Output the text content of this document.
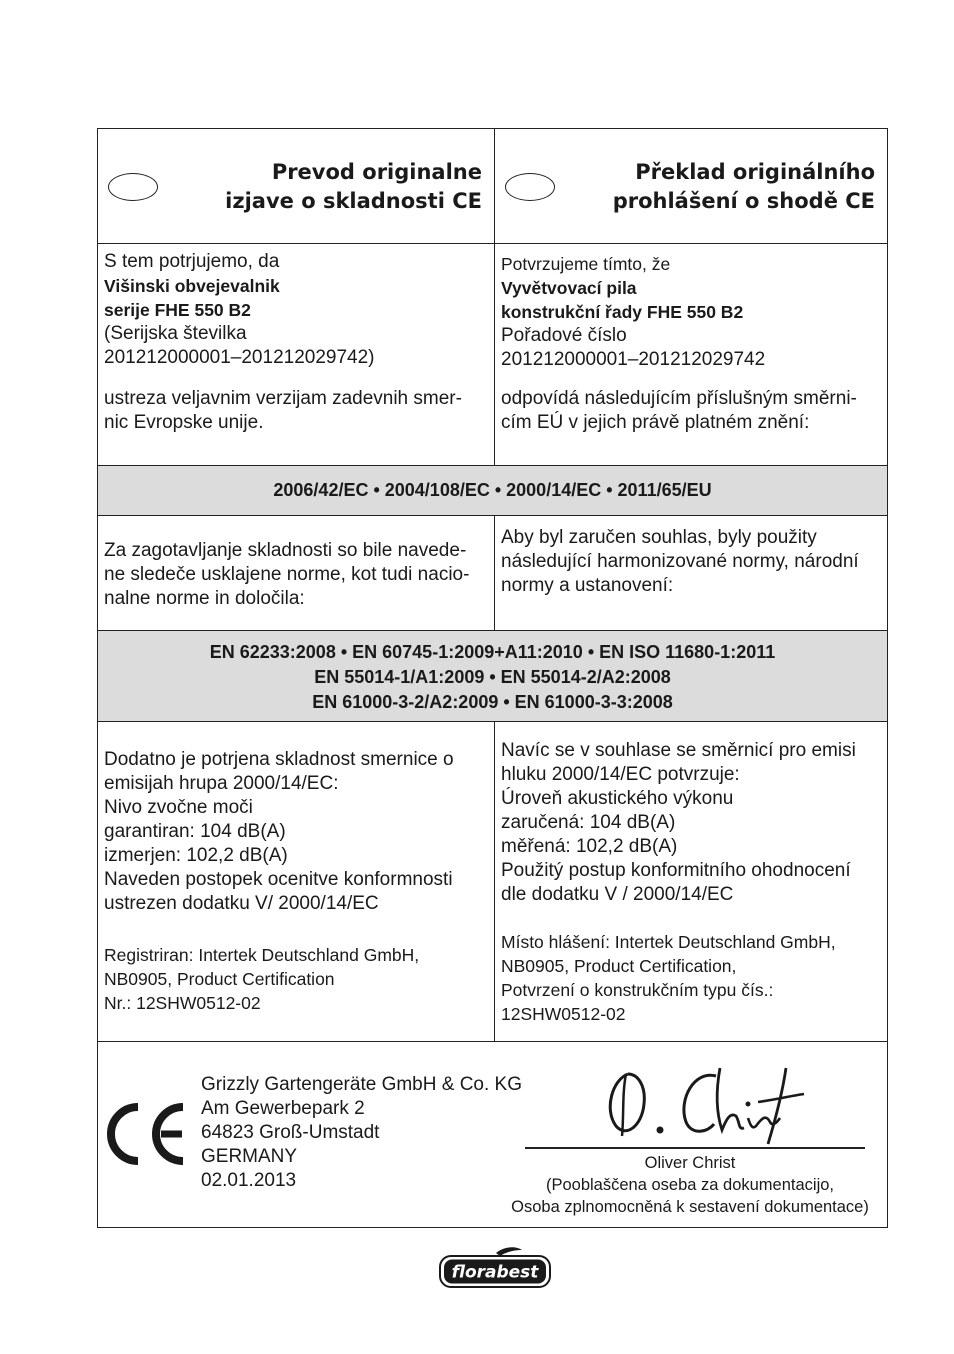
Prevod originalne
izjave o skladnosti CE
Překlad originálního
prohlášení o shodě CE
S tem potrjujemo, da
Višinski obvejevalnik
serije FHE 550 B2
(Serijska številka
201212000001–201212029742)
ustreza veljavnim verzijam zadevnih smer-
nic Evropske unije.
Potvrzujeme tímto, že
Vyvětvovací pila
konstrukční řady FHE 550 B2
Pořadové číslo
201212000001–201212029742
odpovídá následujícím příslušným směrni-
cím EÚ v jejich právě platném znění:
2006/42/EC • 2004/108/EC • 2000/14/EC • 2011/65/EU
Za zagotavljanje skladnosti so bile navede-
ne sledeče usklajene norme, kot tudi nacio-
nalne norme in določila:
Aby byl zaručen souhlas, byly použity
následující harmonizované normy, národní
normy a ustanovení:
EN 62233:2008 • EN 60745-1:2009+A11:2010 • EN ISO 11680-1:2011
EN 55014-1/A1:2009 • EN 55014-2/A2:2008
EN 61000-3-2/A2:2009 • EN 61000-3-3:2008
Dodatno je potrjena skladnost smernice o
emisijah hrupa 2000/14/EC:
Nivo zvočne moči
garantiran: 104 dB(A)
izmerjen: 102,2 dB(A)
Naveden postopek ocenitve konformnosti
ustrezen dodatku V/ 2000/14/EC
Registriran: Intertek Deutschland GmbH,
NB0905, Product Certification
Nr.: 12SHW0512-02
Navíc se v souhlase se směrnicí pro emisi
hluku 2000/14/EC potvrzuje:
Úroveň akustického výkonu
zaručená: 104 dB(A)
měřená: 102,2 dB(A)
Použitý postup konformitního ohodnocení
dle dodatku V / 2000/14/EC
Místo hlášení: Intertek Deutschland GmbH,
NB0905, Product Certification,
Potvrzení o konstrukčním typu čís.:
12SHW0512-02
Grizzly Gartengeräte GmbH & Co. KG
Am Gewerbepark 2
64823 Groß-Umstadt
GERMANY
02.01.2013
Oliver Christ
(Pooblaščena oseba za dokumentacijo,
Osoba zplnomocněná k sestavení dokumentace)
florabest
